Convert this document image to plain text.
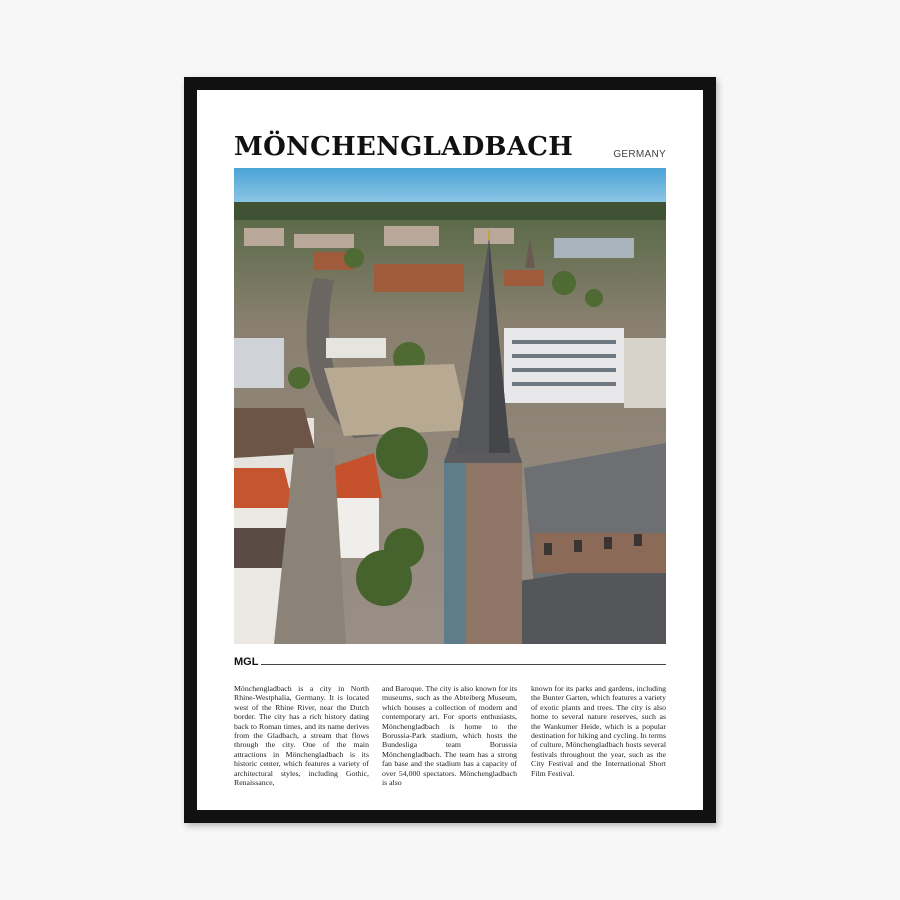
MÖNCHENGLADBACH	GERMANY
MGL
Mönchengladbach is a city in North Rhine-Westphalia, Germany. It is located west of the Rhine River, near the Dutch border. The city has a rich history dating back to Roman times, and its name derives from the Gladbach, a stream that flows through the city. One of the main attractions in Mönchengladbach is its historic center, which features a variety of architectural styles, including Gothic, Renaissance,
and Baroque. The city is also known for its museums, such as the Abteiberg Museum, which houses a collection of modern and contemporary art. For sports enthusiasts, Mönchengladbach is home to the Borussia-Park stadium, which hosts the Bundesliga team Borussia Mönchengladbach. The team has a strong fan base and the stadium has a capacity of over 54,000 spectators. Mönchengladbach is also
known for its parks and gardens, including the Bunter Garten, which features a variety of exotic plants and trees. The city is also home to several nature reserves, such as the Wankumer Heide, which is a popular destination for hiking and cycling. In terms of culture, Mönchengladbach hosts several festivals throughout the year, such as the City Festival and the International Short Film Festival.
